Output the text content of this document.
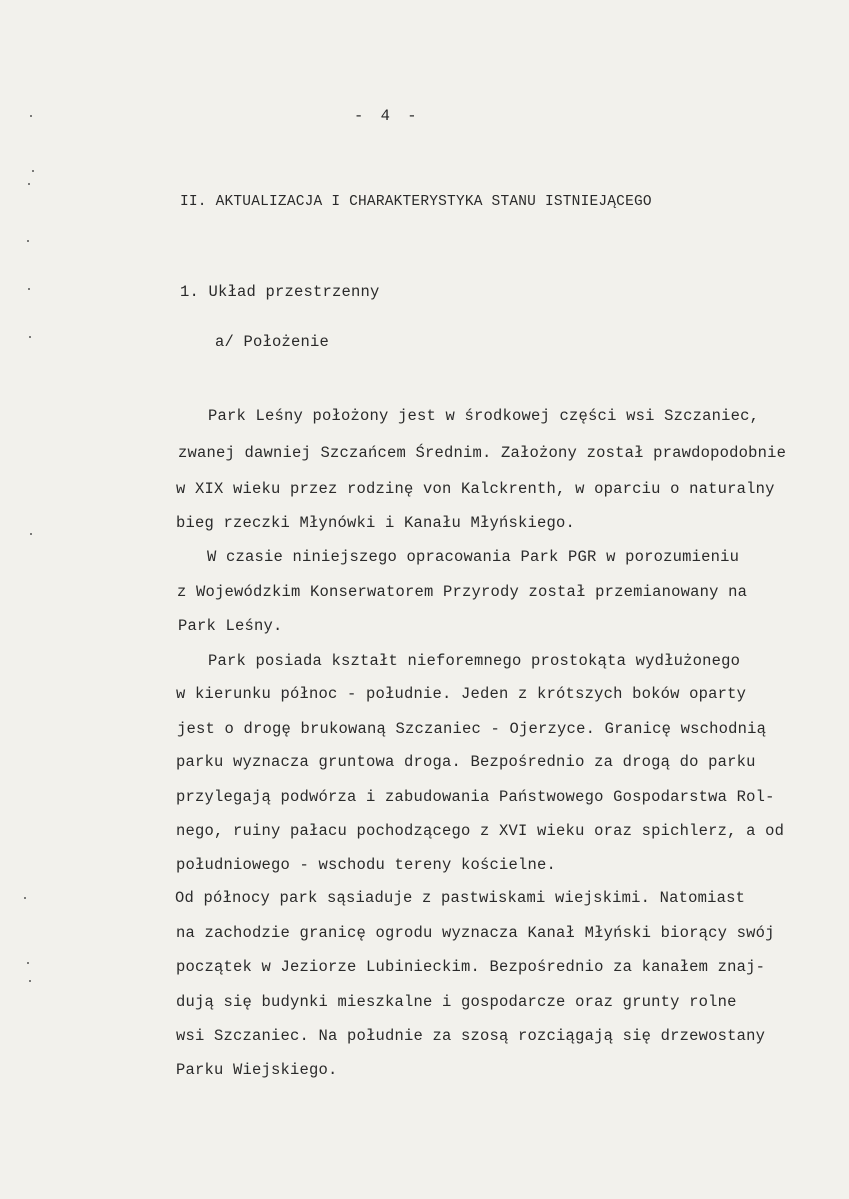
- 4 -
II. AKTUALIZACJA I CHARAKTERYSTYKA STANU ISTNIEJĄCEGO
1. Układ przestrzenny
a/ Położenie
Park Leśny położony jest w środkowej części wsi Szczaniec,
zwanej dawniej Szczańcem Średnim. Założony został prawdopodobnie
w XIX wieku przez rodzinę von Kalckrenth, w oparciu o naturalny
bieg rzeczki Młynówki i Kanału Młyńskiego.
W czasie niniejszego opracowania Park PGR w porozumieniu
z Wojewódzkim Konserwatorem Przyrody został przemianowany na
Park Leśny.
Park posiada kształt nieforemnego prostokąta wydłużonego
w kierunku północ - południe. Jeden z krótszych boków oparty
jest o drogę brukowaną Szczaniec - Ojerzyce. Granicę wschodnią
parku wyznacza gruntowa droga. Bezpośrednio za drogą do parku
przylegają podwórza i zabudowania Państwowego Gospodarstwa Rol-
nego, ruiny pałacu pochodzącego z XVI wieku oraz spichlerz, a od
południowego - wschodu tereny kościelne.
Od północy park sąsiaduje z pastwiskami wiejskimi. Natomiast
na zachodzie granicę ogrodu wyznacza Kanał Młyński biorący swój
początek w Jeziorze Lubinieckim. Bezpośrednio za kanałem znaj-
dują się budynki mieszkalne i gospodarcze oraz grunty rolne
wsi Szczaniec. Na południe za szosą rozciągają się drzewostany
Parku Wiejskiego.
